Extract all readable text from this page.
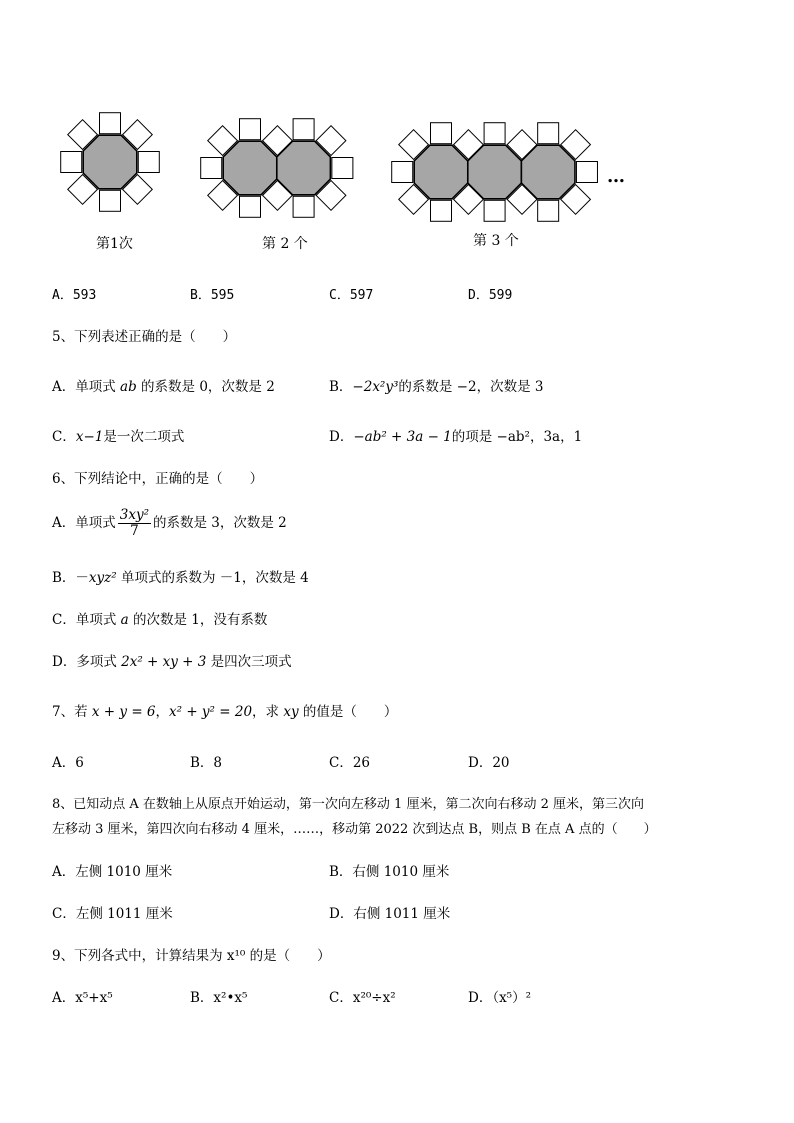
第1次	第 2 个	第 3 个
…
A．593	B．595	C．597	D．599
5、下列表述正确的是（　　）
A．单项式 ab 的系数是 0，次数是 2	B．−2x²y³的系数是 −2，次数是 3
C．x−1是一次二项式	D．−ab² + 3a − 1的项是 −ab²，3a，1
6、下列结论中，正确的是（　　）
A．单项式 $\frac{\text{3xy²}}{7}$ 的系数是 3，次数是 2
B．－xyz² 单项式的系数为 －1，次数是 4
C．单项式 a 的次数是 1，没有系数
D．多项式 2x² + xy + 3 是四次三项式
7、若 x + y = 6，x² + y² = 20，求 xy 的值是（　　）
A．6	B．8	C．26	D．20
8、已知动点 A 在数轴上从原点开始运动，第一次向左移动 1 厘米，第二次向右移动 2 厘米，第三次向
左移动 3 厘米，第四次向右移动 4 厘米，……，移动第 2022 次到达点 B，则点 B 在点 A 点的（　　）
A．左侧 1010 厘米	B．右侧 1010 厘米
C．左侧 1011 厘米	D．右侧 1011 厘米
9、下列各式中，计算结果为 x¹⁰ 的是（　　）
A．x⁵+x⁵	B．x²•x⁵	C．x²⁰÷x²	D．（x⁵）²
